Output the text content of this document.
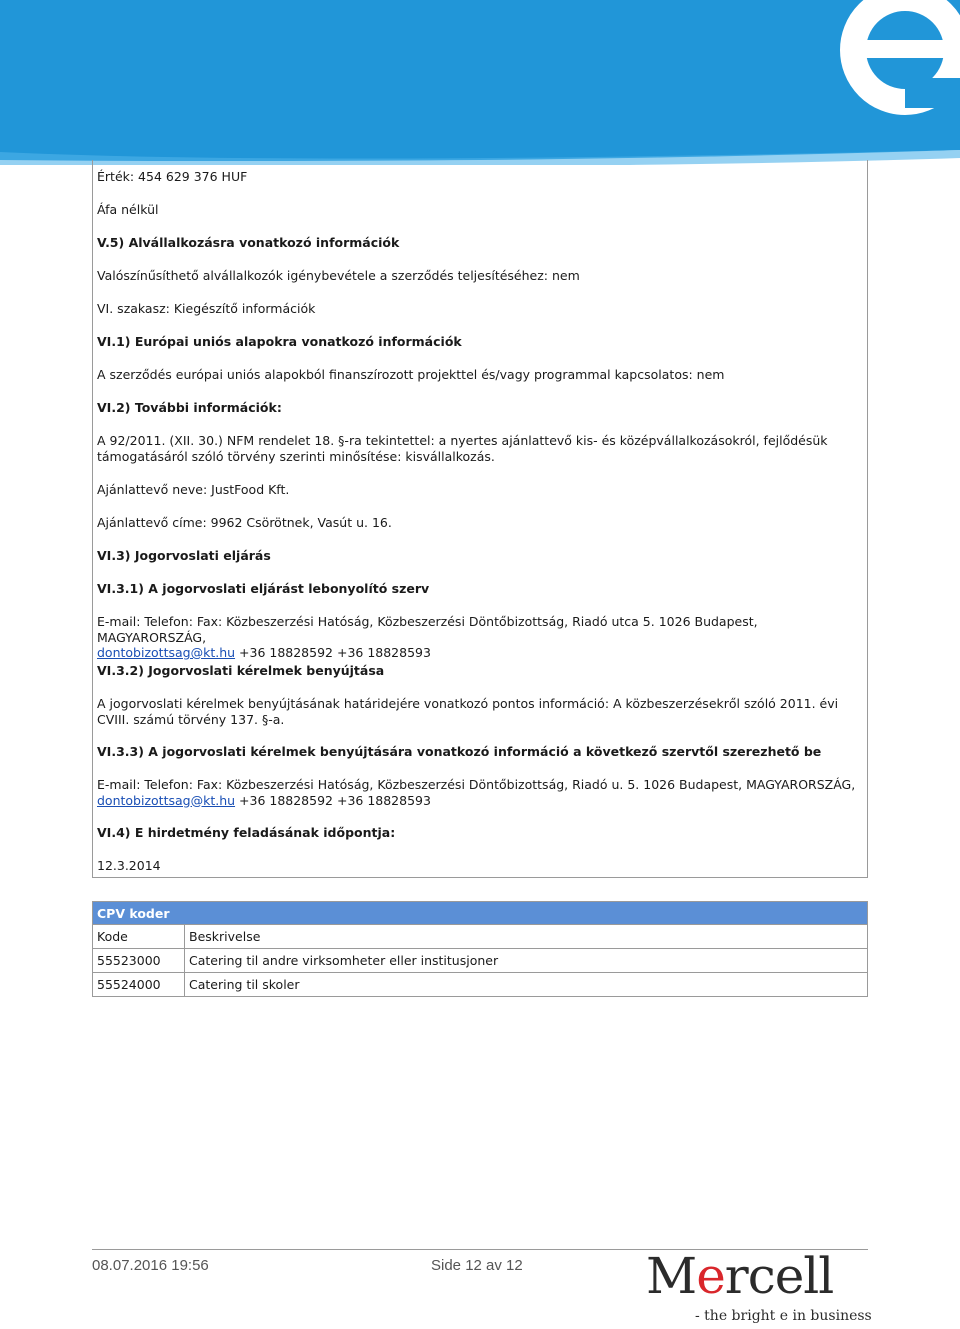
Érték: 454 629 376 HUF
Áfa nélkül
V.5) Alvállalkozásra vonatkozó információk
Valószínűsíthető alvállalkozók igénybevétele a szerződés teljesítéséhez: nem
VI. szakasz: Kiegészítő információk
VI.1) Európai uniós alapokra vonatkozó információk
A szerződés európai uniós alapokból finanszírozott projekttel és/vagy programmal kapcsolatos: nem
VI.2) További információk:
A 92/2011. (XII. 30.) NFM rendelet 18. §-ra tekintettel: a nyertes ajánlattevő kis- és középvállalkozásokról, fejlődésük támogatásáról szóló törvény szerinti minősítése: kisvállalkozás.
Ajánlattevő neve: JustFood Kft.
Ajánlattevő címe: 9962 Csörötnek, Vasút u. 16.
VI.3) Jogorvoslati eljárás
VI.3.1) A jogorvoslati eljárást lebonyolító szerv
E-mail: Telefon: Fax: Közbeszerzési Hatóság, Közbeszerzési Döntőbizottság, Riadó utca 5. 1026 Budapest, MAGYARORSZÁG,
dontobizottsag@kt.hu +36 18828592 +36 18828593
VI.3.2) Jogorvoslati kérelmek benyújtása
A jogorvoslati kérelmek benyújtásának határidejére vonatkozó pontos információ: A közbeszerzésekről szóló 2011. évi CVIII. számú törvény 137. §-a.
VI.3.3) A jogorvoslati kérelmek benyújtására vonatkozó információ a következő szervtől szerezhető be
E-mail: Telefon: Fax: Közbeszerzési Hatóság, Közbeszerzési Döntőbizottság, Riadó u. 5. 1026 Budapest, MAGYARORSZÁG,
dontobizottsag@kt.hu +36 18828592 +36 18828593
VI.4) E hirdetmény feladásának időpontja:
12.3.2014
CPV koder	
Kode	Beskrivelse
55523000	Catering til andre virksomheter eller institusjoner
55524000	Catering til skoler
08.07.2016 19:56	Side 12 av 12 Mercell
- the bright e in business
